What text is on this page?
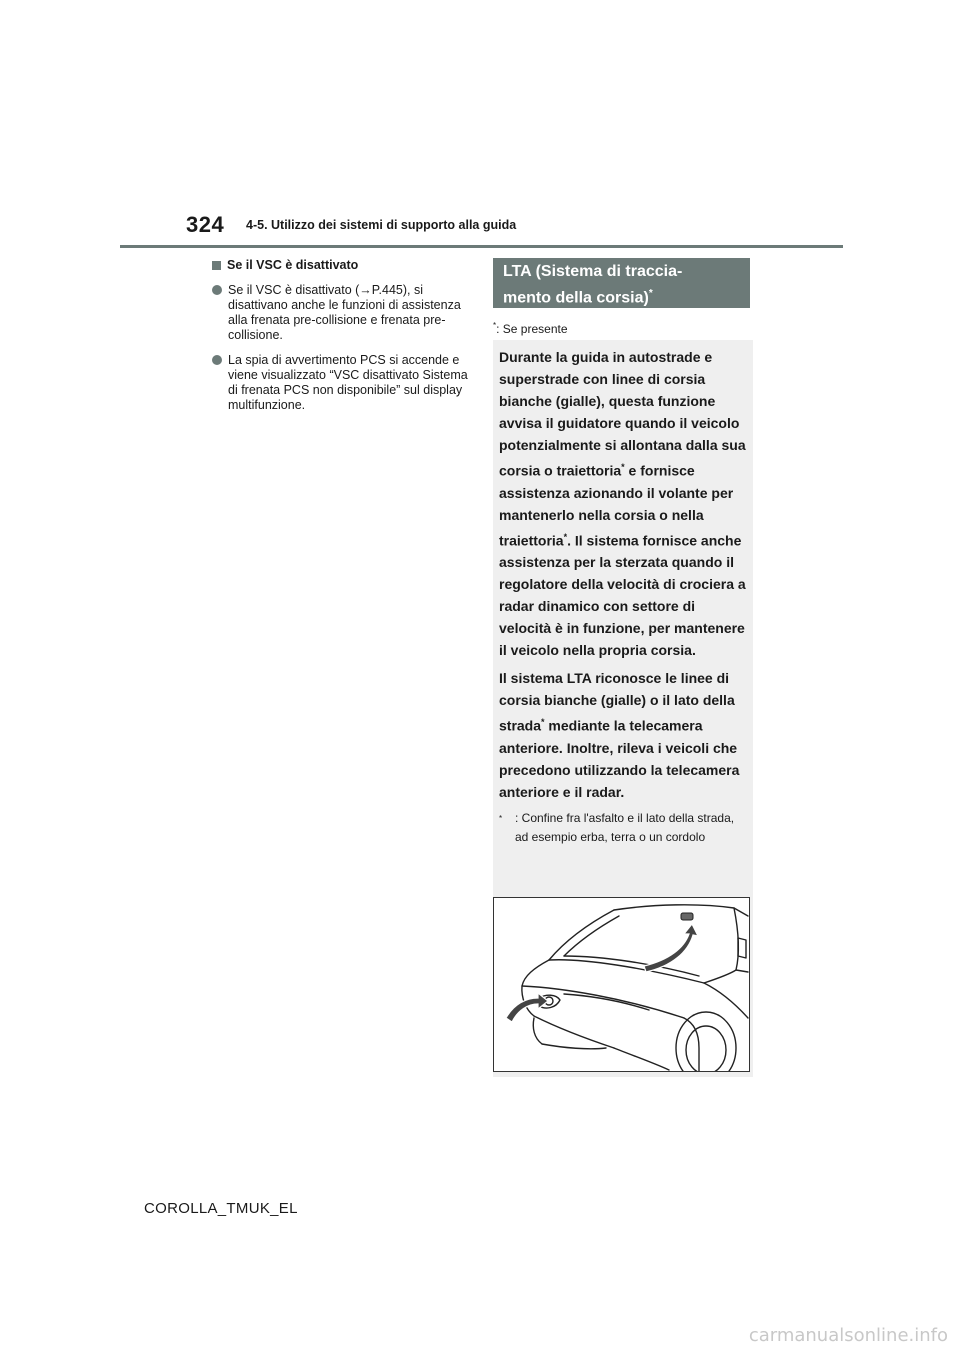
324 4-5. Utilizzo dei sistemi di supporto alla guida
Se il VSC è disattivato
Se il VSC è disattivato (→P.445), si disattivano anche le funzioni di assistenza alla frenata pre-collisione e frenata pre-collisione.
La spia di avvertimento PCS si accende e viene visualizzato “VSC disattivato Sistema di frenata PCS non disponibile” sul display multifunzione.
LTA (Sistema di traccia-
mento della corsia)*
*: Se presente

Durante la guida in autostrade e superstrade con linee di corsia bianche (gialle), questa funzione avvisa il guidatore quando il veicolo potenzialmente si allontana dalla sua corsia o traiettoria* e fornisce assistenza azionando il volante per mantenerlo nella corsia o nella traiettoria*. Il sistema fornisce anche assistenza per la sterzata quando il regolatore della velocità di crociera a radar dinamico con settore di velocità è in funzione, per mantenere il veicolo nella propria corsia.

Il sistema LTA riconosce le linee di corsia bianche (gialle) o il lato della strada* mediante la telecamera anteriore. Inoltre, rileva i veicoli che precedono utilizzando la telecamera anteriore e il radar.

*	: Confine fra l'asfalto e il lato della strada, ad esempio erba, terra o un cordolo
COROLLA_TMUK_EL
carmanualsonline.info
